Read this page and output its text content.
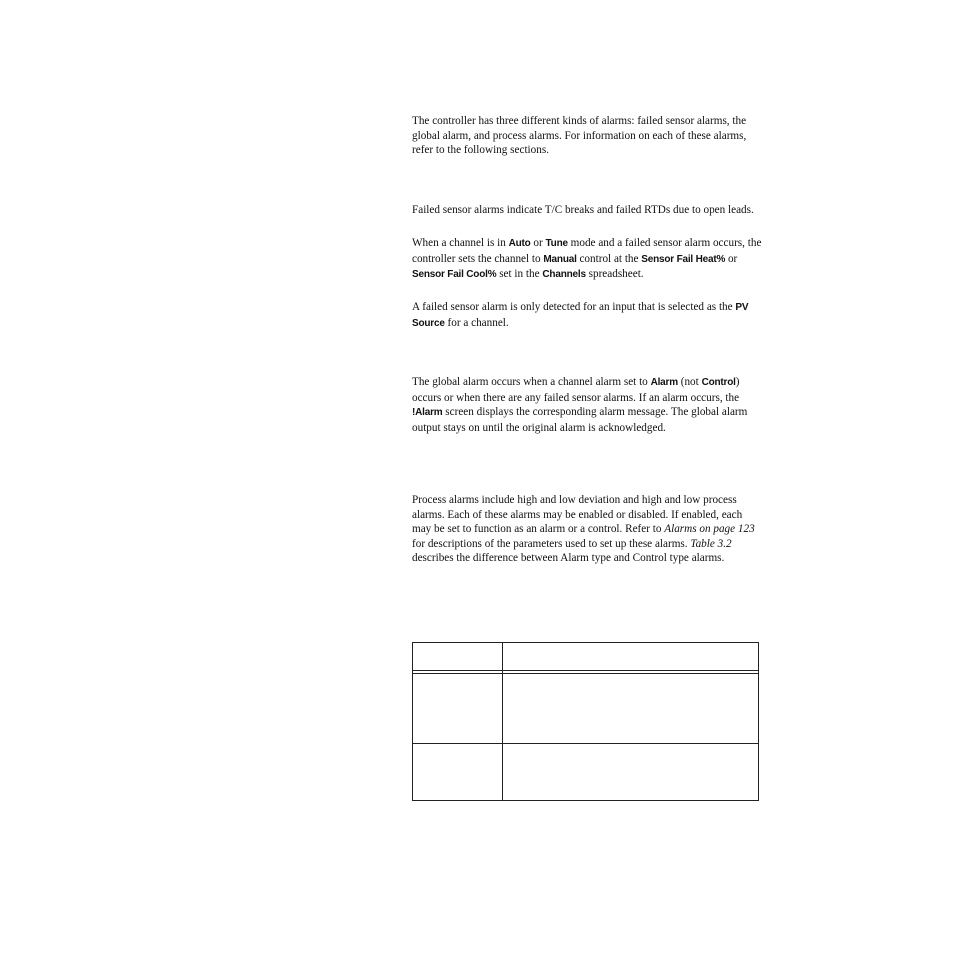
The controller has three different kinds of alarms: failed sensor alarms, the global alarm, and process alarms. For information on each of these alarms, refer to the following sections.

Failed sensor alarms indicate T/C breaks and failed RTDs due to open leads.

When a channel is in Auto or Tune mode and a failed sensor alarm occurs, the controller sets the channel to Manual control at the Sensor Fail Heat% or Sensor Fail Cool% set in the Channels spreadsheet.

A failed sensor alarm is only detected for an input that is selected as the PV Source for a channel.

The global alarm occurs when a channel alarm set to Alarm (not Control) occurs or when there are any failed sensor alarms. If an alarm occurs, the !Alarm screen displays the corresponding alarm message. The global alarm output stays on until the original alarm is acknowledged.

Process alarms include high and low deviation and high and low process alarms. Each of these alarms may be enabled or disabled. If enabled, each may be set to function as an alarm or a control. Refer to Alarms on page 123 for descriptions of the parameters used to set up these alarms. Table 3.2 describes the difference between Alarm type and Control type alarms.
